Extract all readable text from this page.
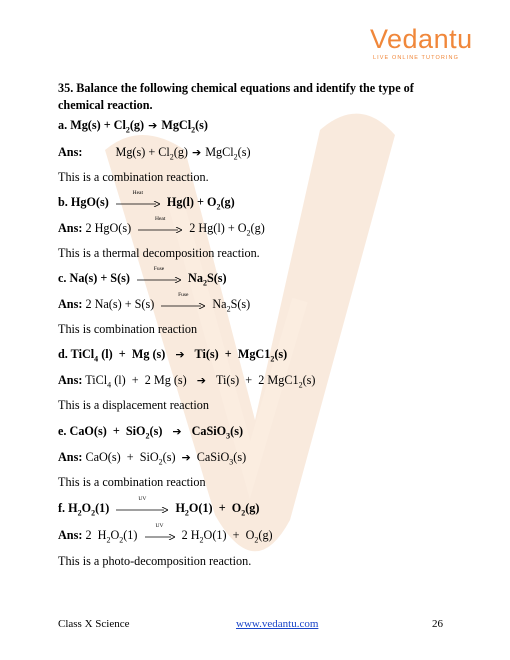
Vedantu
LIVE ONLINE TUTORING
35. Balance the following chemical equations and identify the type of chemical reaction.
a. $Mg(s) + Cl_2(g)$ ➔ MgCl$_2$(s)
Ans:	$Mg(s) + Cl_2(g)$ ➔ MgCl$_2$(s)
This is a combination reaction.
b. HgO(s)
Heat
$Hg(l) + O_2(g)$
Ans: 2 HgO(s)
Heat
2 $Hg(l) + O_2(g)$
This is a thermal decomposition reaction.
c. Na(s) + S(s)
Fuse
$Na_2S(s)$
Ans: 2 Na(s) + S(s)
Fuse
$Na_2S(s)$
This is combination reaction
d. TiCl$_4$ (l)  +  Mg (s) ➔ $Ti(s) + MgC1_2(s)$
Ans: TiCl$_4$ (l)  +  2 Mg (s) ➔ Ti(s)  +  2 $MgC1_2(s)$
This is a displacement reaction
e. CaO(s)  +  SiO$_2$(s) ➔ CaSiO$_3$(s)
Ans: CaO(s)  +  SiO$_2$(s) ➔ CaSiO$_3$(s)
This is a combination reaction
f. $H_2O_2(1)$
UV
$H_2O(1) + O_2(g)$
Ans: 2  $H_2O_2(1)$
UV
2 $H_2O(1) + O_2(g)$
This is a photo-decomposition reaction.
Class X Science	www.vedantu.com	26
